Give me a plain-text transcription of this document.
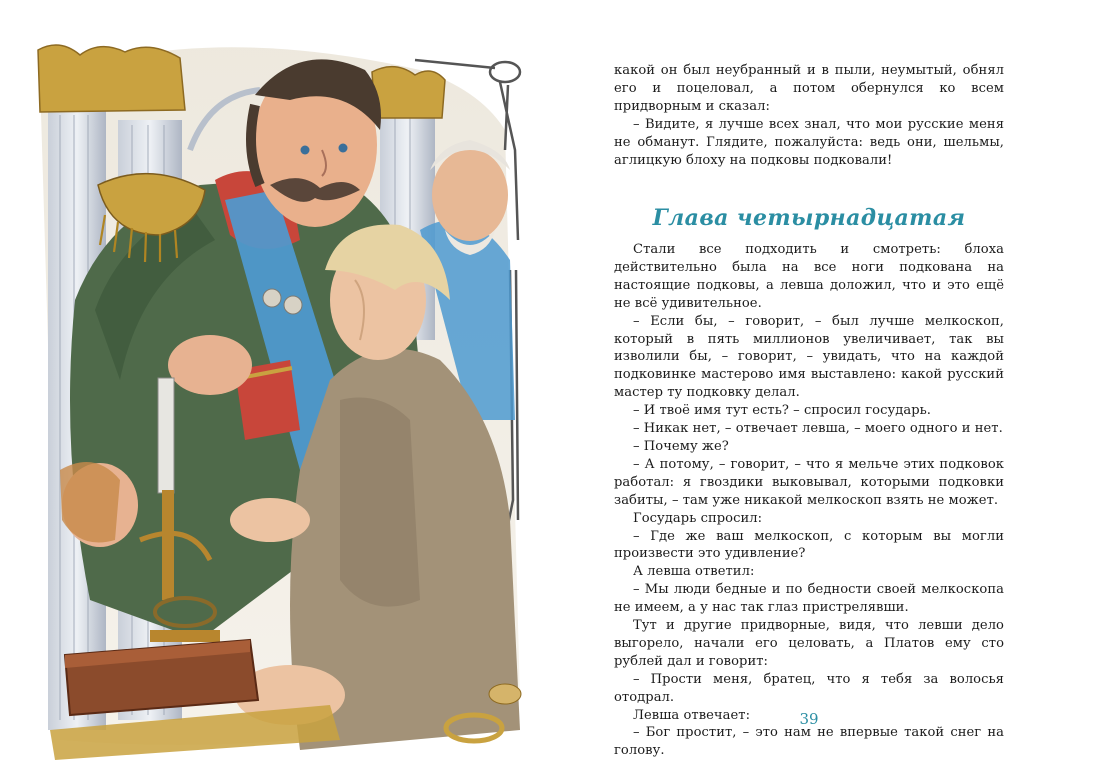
какой он был неубранный и в пыли, неумытый, обнял его и поцеловал, а потом обернулся ко всем придворным и сказал:

– Видите, я лучше всех знал, что мои русские меня не обманут. Глядите, пожалуйста: ведь они, шельмы, аглицкую блоху на подковы подковали!

Глава четырнадцатая

Стали все подходить и смотреть: блоха действительно была на все ноги подкована на настоящие подковы, а левша доложил, что и это ещё не всё удивительное.

– Если бы, – говорит, – был лучше мелкоскоп, который в пять миллионов увеличивает, так вы изволили бы, – говорит, – увидать, что на каждой подковинке мастерово имя выставлено: какой русский мастер ту подковку делал.

– И твоё имя тут есть? – спросил государь.

– Никак нет, – отвечает левша, – моего одного и нет.

– Почему же?

– А потому, – говорит, – что я мельче этих подковок работал: я гвоздики выковывал, которыми подковки забиты, – там уже никакой мелкоскоп взять не может.

Государь спросил:

– Где же ваш мелкоскоп, с которым вы могли произвести это удивление?

А левша ответил:

– Мы люди бедные и по бедности своей мелкоскопа не имеем, а у нас так глаз пристрелявши.

Тут и другие придворные, видя, что левши дело выгорело, начали его целовать, а Платов ему сто рублей дал и говорит:

– Прости меня, братец, что я тебя за волосья отодрал.

Левша отвечает:

– Бог простит, – это нам не впервые такой снег на голову.

39
